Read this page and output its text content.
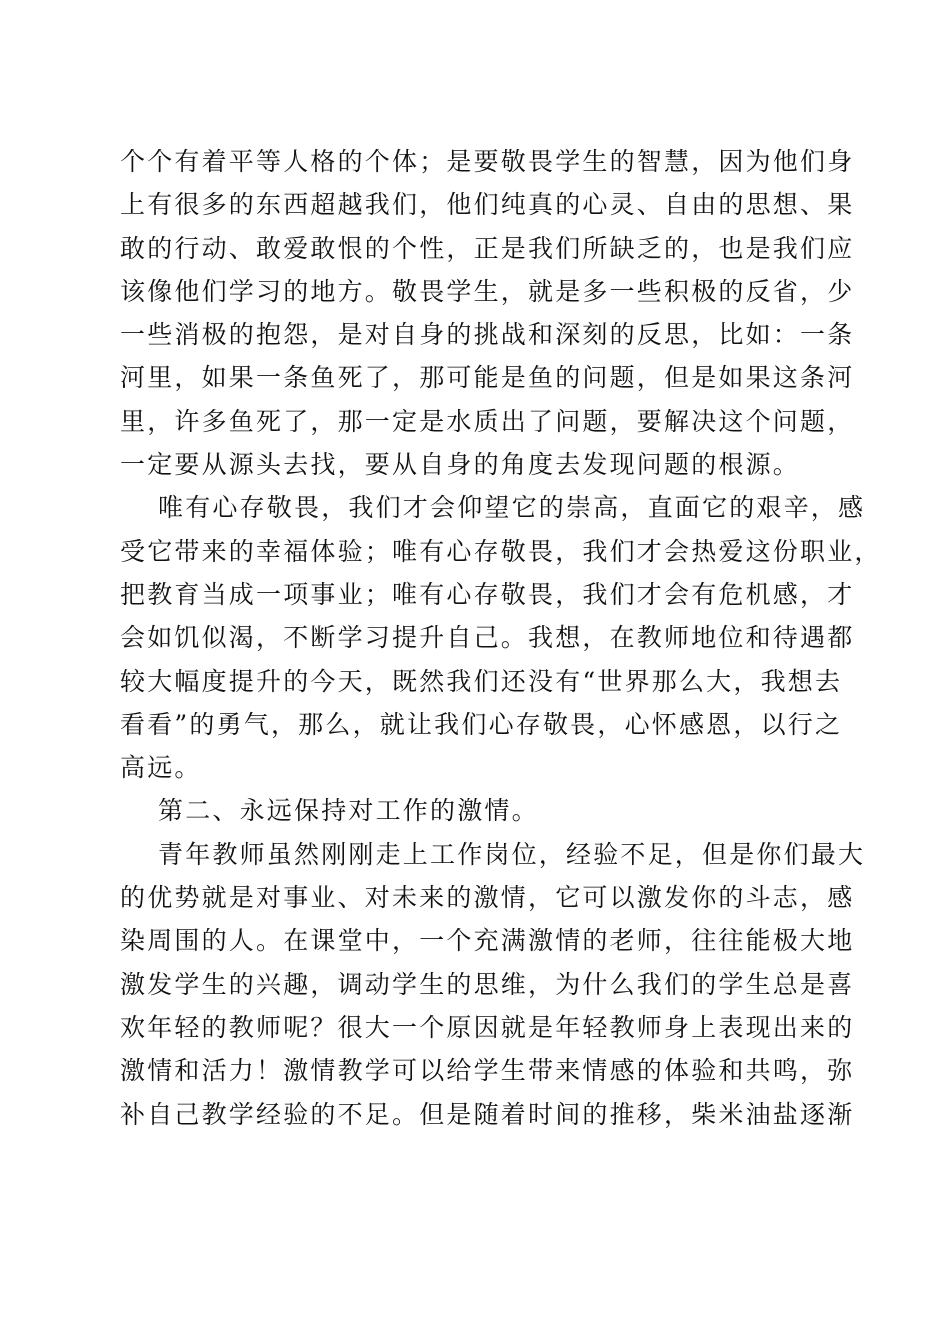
个个有着平等人格的个体；是要敬畏学生的智慧，因为他们身
上有很多的东西超越我们，他们纯真的心灵、自由的思想、果
敢的行动、敢爱敢恨的个性，正是我们所缺乏的，也是我们应
该像他们学习的地方。敬畏学生，就是多一些积极的反省，少
一些消极的抱怨，是对自身的挑战和深刻的反思，比如：一条
河里，如果一条鱼死了，那可能是鱼的问题，但是如果这条河
里，许多鱼死了，那一定是水质出了问题，要解决这个问题，
一定要从源头去找，要从自身的角度去发现问题的根源。
唯有心存敬畏，我们才会仰望它的崇高，直面它的艰辛，感
受它带来的幸福体验；唯有心存敬畏，我们才会热爱这份职业，
把教育当成一项事业；唯有心存敬畏，我们才会有危机感，才
会如饥似渴，不断学习提升自己。我想，在教师地位和待遇都
较大幅度提升的今天，既然我们还没有“世界那么大，我想去
看看”的勇气，那么，就让我们心存敬畏，心怀感恩，以行之
高远。
第二、永远保持对工作的激情。
青年教师虽然刚刚走上工作岗位，经验不足，但是你们最大
的优势就是对事业、对未来的激情，它可以激发你的斗志，感
染周围的人。在课堂中，一个充满激情的老师，往往能极大地
激发学生的兴趣，调动学生的思维，为什么我们的学生总是喜
欢年轻的教师呢？很大一个原因就是年轻教师身上表现出来的
激情和活力！激情教学可以给学生带来情感的体验和共鸣，弥
补自己教学经验的不足。但是随着时间的推移，柴米油盐逐渐
